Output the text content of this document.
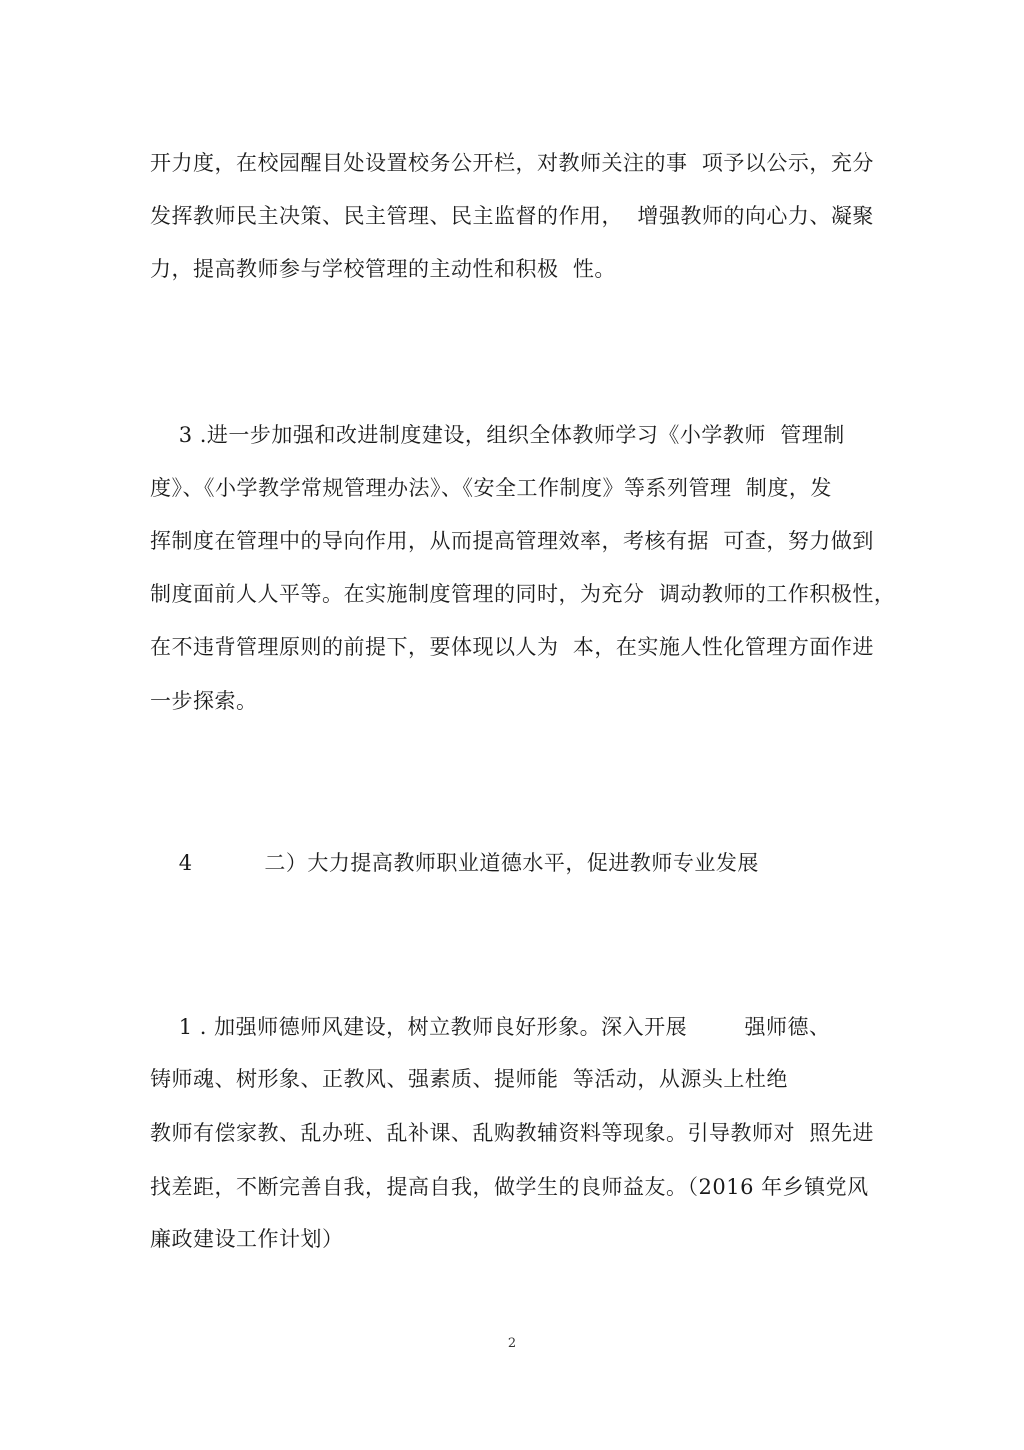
开力度，在校园醒目处设置校务公开栏，对教师关注的事  项予以公示，充分
发挥教师民主决策、民主管理、民主监督的作用，  增强教师的向心力、凝聚
力，提高教师参与学校管理的主动性和积极  性。
3 .进一步加强和改进制度建设，组织全体教师学习《小学教师  管理制
度》、《小学教学常规管理办法》、《安全工作制度》等系列管理  制度，发
挥制度在管理中的导向作用，从而提高管理效率，考核有据  可查，努力做到
制度面前人人平等。在实施制度管理的同时，为充分  调动教师的工作积极性，
在不违背管理原则的前提下，要体现以人为  本，在实施人性化管理方面作进
一步探索。
4          二）大力提高教师职业道德水平，促进教师专业发展
1 . 加强师德师风建设，树立教师良好形象。深入开展        强师德、
铸师魂、树形象、正教风、强素质、提师能  等活动，从源头上杜绝
教师有偿家教、乱办班、乱补课、乱购教辅资料等现象。引导教师对  照先进
找差距，不断完善自我，提高自我，做学生的良师益友。（2016 年乡镇党风
廉政建设工作计划）
2
